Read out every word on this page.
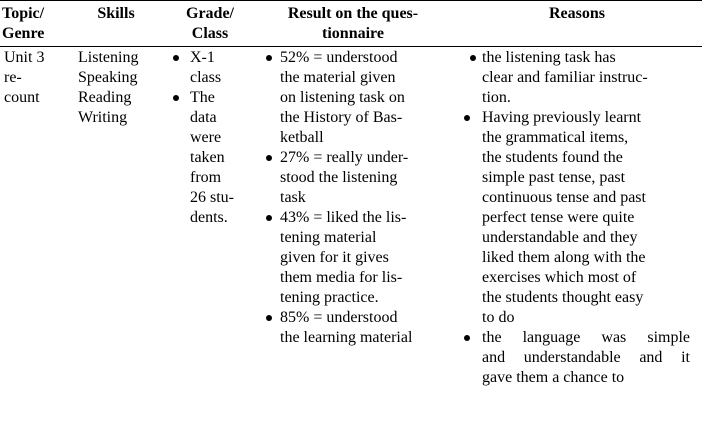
Topic/
Genre
Skills	Grade/
Class
Result on the ques-
tionnaire
Reasons
Unit 3
re-
count
Listening
Speaking
Reading
Writing
X-1
class
The
data
were
taken
from
26 stu-
dents.
52% = understood
the material given
on listening task on
the History of Bas-
ketball
27% = really under-
stood the listening
task
43% = liked the lis-
tening material
given for it gives
them media for lis-
tening practice.
85% = understood
the learning material
the listening task has
clear and familiar instruc-
tion.
Having previously learnt
the grammatical items,
the students found the
simple past tense, past
continuous tense and past
perfect tense were quite
understandable and they
liked them along with the
exercises which most of
the students thought easy
to do
the language was simple
and understandable and it
gave them a chance to
